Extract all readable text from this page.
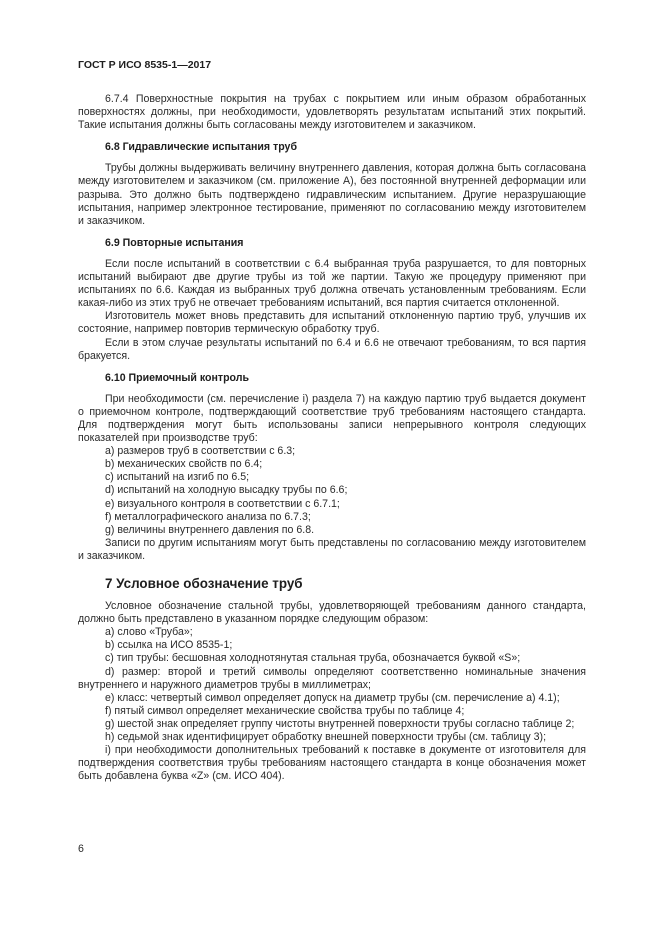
ГОСТ Р ИСО 8535-1—2017

6.7.4 Поверхностные покрытия на трубах с покрытием или иным образом обработанных поверхностях должны, при необходимости, удовлетворять результатам испытаний этих покрытий. Такие испытания должны быть согласованы между изготовителем и заказчиком.

6.8 Гидравлические испытания труб

Трубы должны выдерживать величину внутреннего давления, которая должна быть согласована между изготовителем и заказчиком (см. приложение А), без постоянной внутренней деформации или разрыва. Это должно быть подтверждено гидравлическим испытанием. Другие неразрушающие испытания, например электронное тестирование, применяют по согласованию между изготовителем и заказчиком.

6.9 Повторные испытания

Если после испытаний в соответствии с 6.4 выбранная труба разрушается, то для повторных испытаний выбирают две другие трубы из той же партии. Такую же процедуру применяют при испытаниях по 6.6. Каждая из выбранных труб должна отвечать установленным требованиям. Если какая-либо из этих труб не отвечает требованиям испытаний, вся партия считается отклоненной.

Изготовитель может вновь представить для испытаний отклоненную партию труб, улучшив их состояние, например повторив термическую обработку труб.

Если в этом случае результаты испытаний по 6.4 и 6.6 не отвечают требованиям, то вся партия бракуется.

6.10 Приемочный контроль

При необходимости (см. перечисление i) раздела 7) на каждую партию труб выдается документ о приемочном контроле, подтверждающий соответствие труб требованиям настоящего стандарта. Для подтверждения могут быть использованы записи непрерывного контроля следующих показателей при производстве труб:

a) размеров труб в соответствии с 6.3;
b) механических свойств по 6.4;
c) испытаний на изгиб по 6.5;
d) испытаний на холодную высадку трубы по 6.6;
e) визуального контроля в соответствии с 6.7.1;
f) металлографического анализа по 6.7.3;
g) величины внутреннего давления по 6.8.

Записи по другим испытаниям могут быть представлены по согласованию между изготовителем и заказчиком.

7 Условное обозначение труб

Условное обозначение стальной трубы, удовлетворяющей требованиям данного стандарта, должно быть представлено в указанном порядке следующим образом:

a) слово «Труба»;
b) ссылка на ИСО 8535-1;
c) тип трубы: бесшовная холоднотянутая стальная труба, обозначается буквой «S»;
d) размер: второй и третий символы определяют соответственно номинальные значения внутреннего и наружного диаметров трубы в миллиметрах;
e) класс: четвертый символ определяет допуск на диаметр трубы (см. перечисление а) 4.1);
f) пятый символ определяет механические свойства трубы по таблице 4;
g) шестой знак определяет группу чистоты внутренней поверхности трубы согласно таблице 2;
h) седьмой знак идентифицирует обработку внешней поверхности трубы (см. таблицу 3);
i) при необходимости дополнительных требований к поставке в документе от изготовителя для подтверждения соответствия трубы требованиям настоящего стандарта в конце обозначения может быть добавлена буква «Z» (см. ИСО 404).
6
